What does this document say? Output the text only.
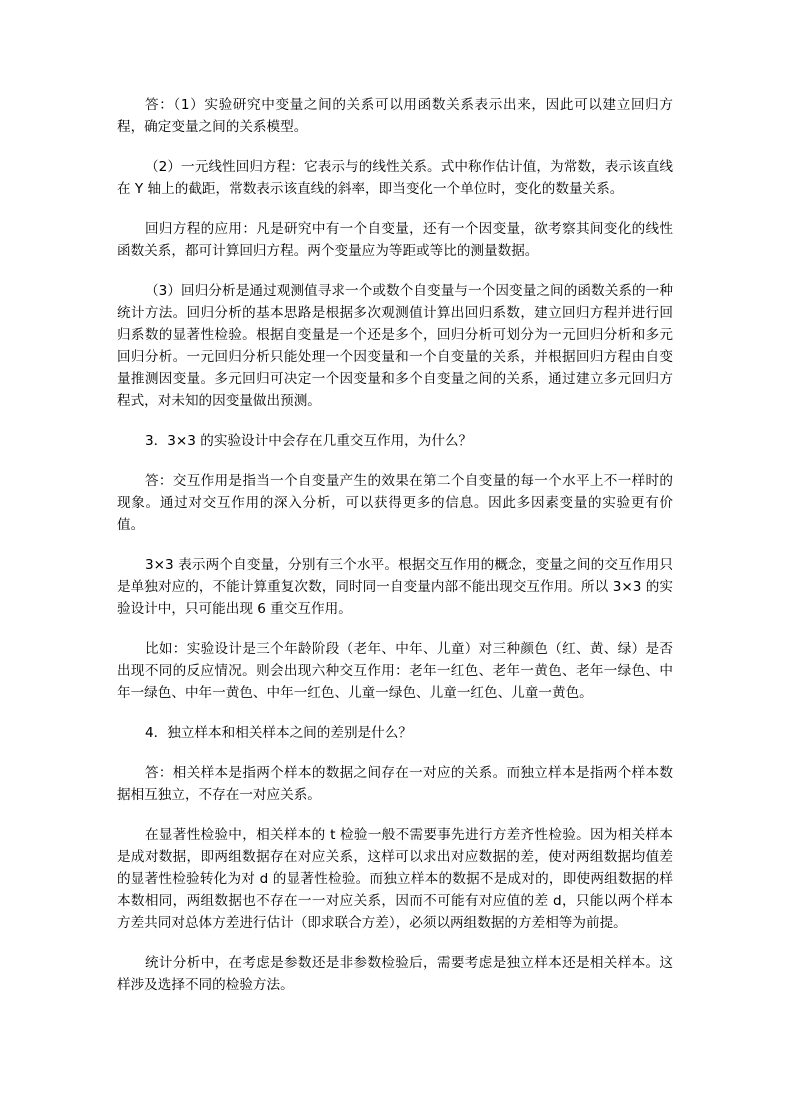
答：（1）实验研究中变量之间的关系可以用函数关系表示出来，因此可以建立回归方程，确定变量之间的关系模型。

（2）一元线性回归方程：它表示与的线性关系。式中称作估计值，为常数，表示该直线在 Y 轴上的截距，常数表示该直线的斜率，即当变化一个单位时，变化的数量关系。

回归方程的应用：凡是研究中有一个自变量，还有一个因变量，欲考察其间变化的线性函数关系，都可计算回归方程。两个变量应为等距或等比的测量数据。

（3）回归分析是通过观测值寻求一个或数个自变量与一个因变量之间的函数关系的一种统计方法。回归分析的基本思路是根据多次观测值计算出回归系数，建立回归方程并进行回归系数的显著性检验。根据自变量是一个还是多个，回归分析可划分为一元回归分析和多元回归分析。一元回归分析只能处理一个因变量和一个自变量的关系，并根据回归方程由自变量推测因变量。多元回归可决定一个因变量和多个自变量之间的关系，通过建立多元回归方程式，对未知的因变量做出预测。

3．3×3 的实验设计中会存在几重交互作用，为什么？

答：交互作用是指当一个自变量产生的效果在第二个自变量的每一个水平上不一样时的现象。通过对交互作用的深入分析，可以获得更多的信息。因此多因素变量的实验更有价值。

3×3 表示两个自变量，分别有三个水平。根据交互作用的概念，变量之间的交互作用只是单独对应的，不能计算重复次数，同时同一自变量内部不能出现交互作用。所以 3×3 的实验设计中，只可能出现 6 重交互作用。

比如：实验设计是三个年龄阶段（老年、中年、儿童）对三种颜色（红、黄、绿）是否出现不同的反应情况。则会出现六种交互作用：老年一红色、老年一黄色、老年一绿色、中年一绿色、中年一黄色、中年一红色、儿童一绿色、儿童一红色、儿童一黄色。

4．独立样本和相关样本之间的差别是什么？

答：相关样本是指两个样本的数据之间存在一对应的关系。而独立样本是指两个样本数据相互独立，不存在一对应关系。

在显著性检验中，相关样本的 t 检验一般不需要事先进行方差齐性检验。因为相关样本是成对数据，即两组数据存在对应关系，这样可以求出对应数据的差，使对两组数据均值差的显著性检验转化为对 d 的显著性检验。而独立样本的数据不是成对的，即使两组数据的样本数相同，两组数据也不存在一一对应关系，因而不可能有对应值的差 d，只能以两个样本方差共同对总体方差进行估计（即求联合方差），必须以两组数据的方差相等为前提。

统计分析中，在考虑是参数还是非参数检验后，需要考虑是独立样本还是相关样本。这样涉及选择不同的检验方法。
